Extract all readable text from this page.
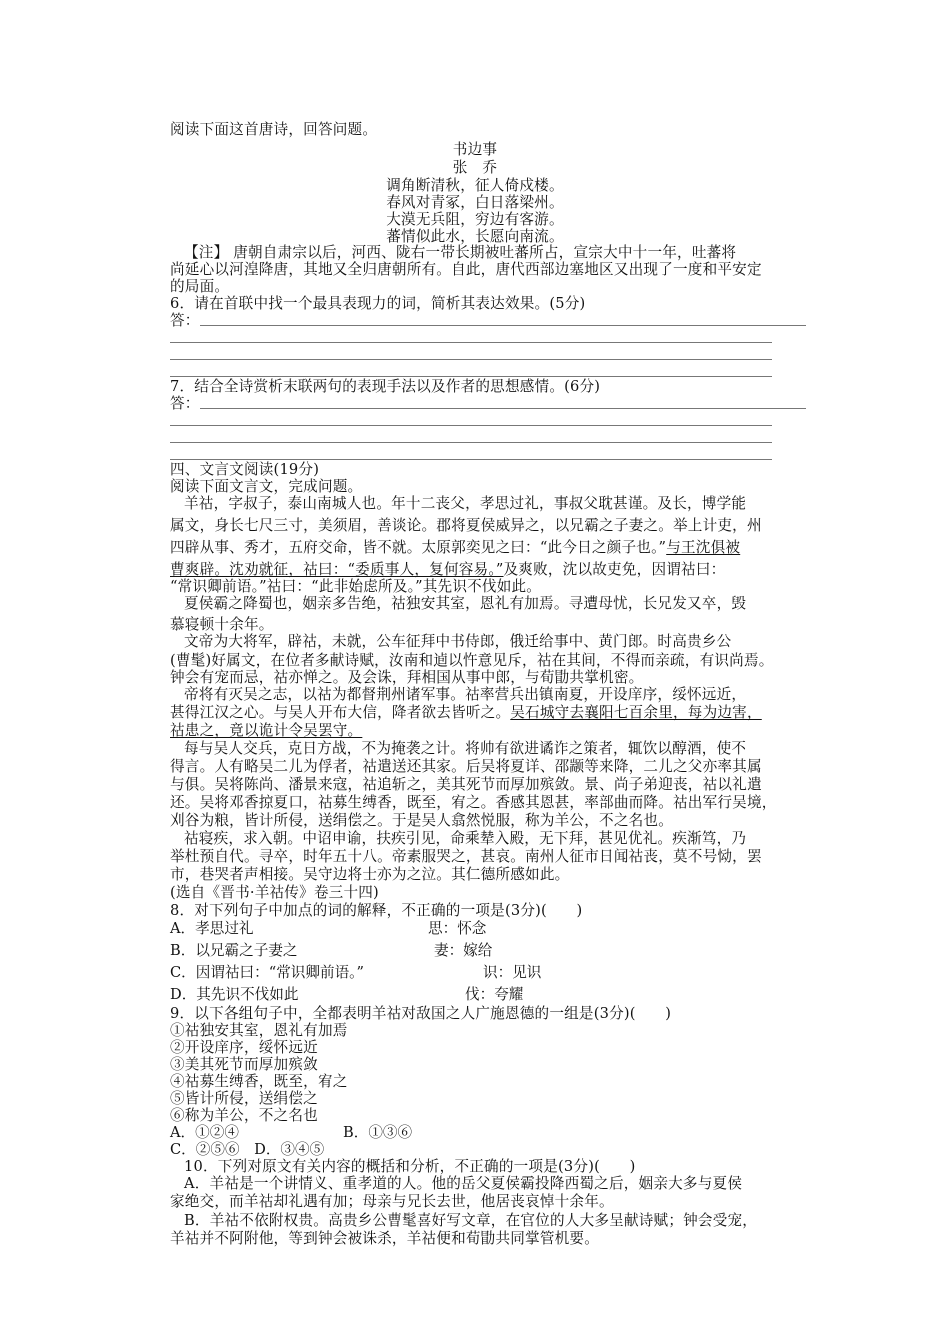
阅读下面这首唐诗，回答问题。
书边事
张　乔
调角断清秋，征人倚戍楼。
春风对青冢，白日落梁州。
大漠无兵阻，穷边有客游。
蕃情似此水，长愿向南流。
【注】 唐朝自肃宗以后，河西、陇右一带长期被吐蕃所占，宣宗大中十一年，吐蕃将
尚延心以河湟降唐，其地又全归唐朝所有。自此，唐代西部边塞地区又出现了一度和平安定
的局面。
6．请在首联中找一个最具表现力的词，简析其表达效果。(5分)
答：
7．结合全诗赏析末联两句的表现手法以及作者的思想感情。(6分)
答：
四、文言文阅读(19分)
阅读下面文言文，完成问题。
羊祜，字叔子，泰山南城人也。年十二丧父，孝思过礼，事叔父耽甚谨。及长，博学能
属文，身长七尺三寸，美须眉，善谈论。郡将夏侯威异之，以兄霸之子妻之。举上计吏，州
四辟从事、秀才，五府交命，皆不就。太原郭奕见之曰：“此今日之颜子也。”与王沈俱被
曹爽辟。沈劝就征，祜曰：“委质事人，复何容易。”及爽败，沈以故吏免，因谓祜曰：
“常识卿前语。”祜曰：“此非始虑所及。”其先识不伐如此。
夏侯霸之降蜀也，姻亲多告绝，祜独安其室，恩礼有加焉。寻遭母忧，长兄发又卒，毁
慕寝顿十余年。
文帝为大将军，辟祜，未就，公车征拜中书侍郎，俄迁给事中、黄门郎。时高贵乡公
(曹髦)好属文，在位者多献诗赋，汝南和逌以忤意见斥，祜在其间，不得而亲疏，有识尚焉。
钟会有宠而忌，祜亦惮之。及会诛，拜相国从事中郎，与荀勖共掌机密。
帝将有灭吴之志，以祜为都督荆州诸军事。祜率营兵出镇南夏，开设庠序，绥怀远近，
甚得江汉之心。与吴人开布大信，降者欲去皆听之。吴石城守去襄阳七百余里，每为边害，
祜患之，竟以诡计令吴罢守。
每与吴人交兵，克日方战，不为掩袭之计。将帅有欲进谲诈之策者，辄饮以醇酒，使不
得言。人有略吴二儿为俘者，祜遣送还其家。后吴将夏详、邵颛等来降，二儿之父亦率其属
与俱。吴将陈尚、潘景来寇，祜追斩之，美其死节而厚加殡敛。景、尚子弟迎丧，祜以礼遣
还。吴将邓香掠夏口，祜募生缚香，既至，宥之。香感其恩甚，率部曲而降。祜出军行吴境，
刈谷为粮，皆计所侵，送绢偿之。于是吴人翕然悦服，称为羊公，不之名也。
祜寝疾，求入朝。中诏申谕，扶疾引见，命乘辇入殿，无下拜，甚见优礼。疾渐笃，乃
举杜预自代。寻卒，时年五十八。帝素服哭之，甚哀。南州人征市日闻祜丧，莫不号恸，罢
市，巷哭者声相接。吴守边将士亦为之泣。其仁德所感如此。
(选自《晋书·羊祜传》卷三十四)
8．对下列句子中加点的词的解释，不正确的一项是(3分)(　　)
A．孝思过礼	思：怀念
B．以兄霸之子妻之	妻：嫁给
C．因谓祜曰：“常识卿前语。”	识：见识
D．其先识不伐如此	伐：夸耀
9．以下各组句子中，全都表明羊祜对敌国之人广施恩德的一组是(3分)(　　)
①祜独安其室，恩礼有加焉
②开设庠序，绥怀远近
③美其死节而厚加殡敛
④祜募生缚香，既至，宥之
⑤皆计所侵，送绢偿之
⑥称为羊公，不之名也
A．①②④	B．①③⑥
C．②⑤⑥　D．③④⑤
10．下列对原文有关内容的概括和分析，不正确的一项是(3分)(　　)
A．羊祜是一个讲情义、重孝道的人。他的岳父夏侯霸投降西蜀之后，姻亲大多与夏侯
家绝交，而羊祜却礼遇有加；母亲与兄长去世，他居丧哀悼十余年。
B．羊祜不依附权贵。高贵乡公曹髦喜好写文章，在官位的人大多呈献诗赋；钟会受宠，
羊祜并不阿附他，等到钟会被诛杀，羊祜便和荀勖共同掌管机要。
